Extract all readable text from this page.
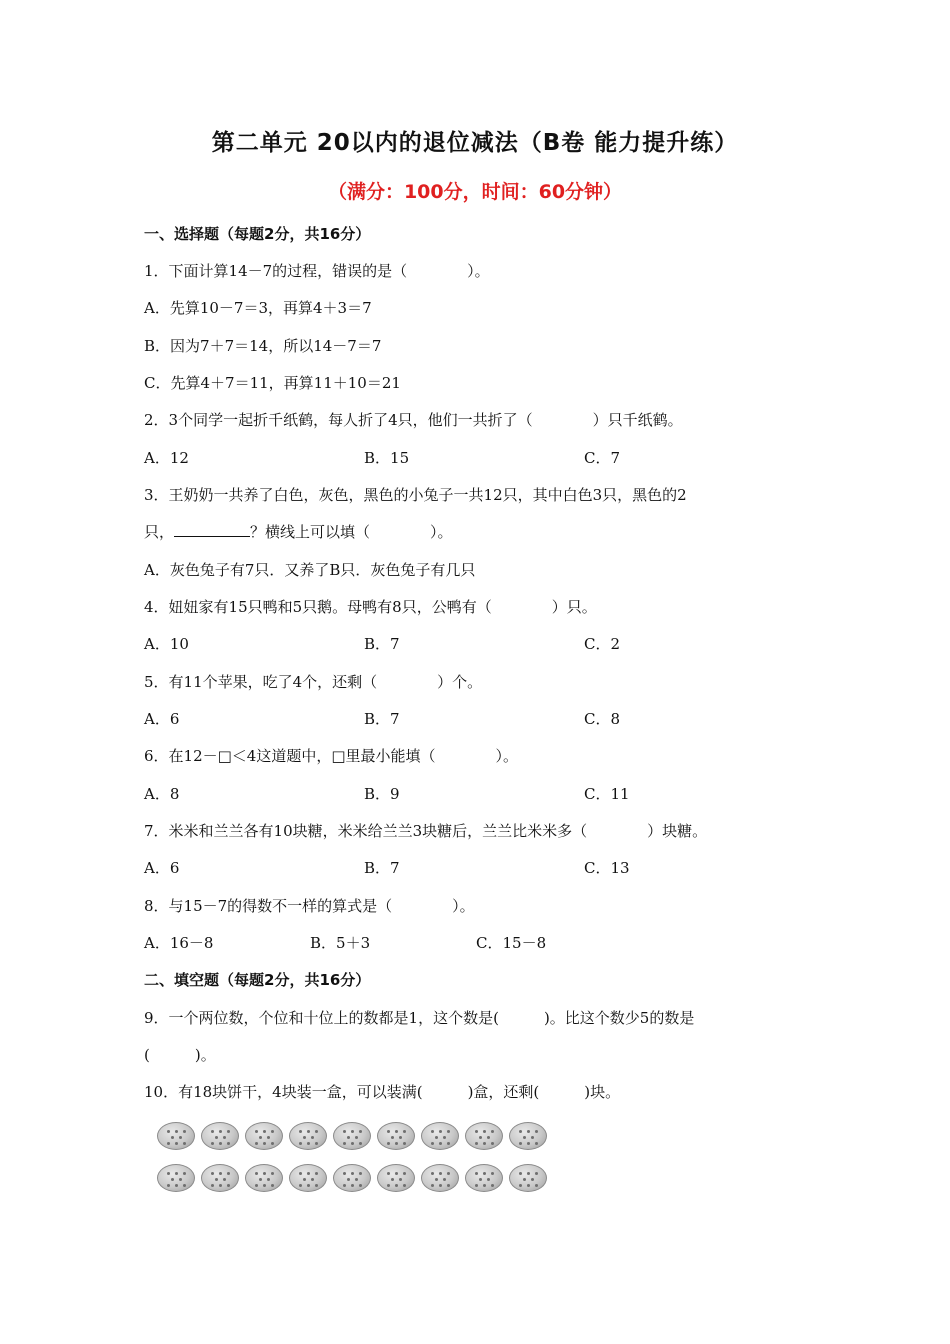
第二单元 20以内的退位减法（B卷 能力提升练）
（满分：100分，时间：60分钟）
一、选择题（每题2分，共16分）
1．下面计算14－7的过程，错误的是（　　　　）。
A．先算10－7＝3，再算4＋3＝7
B．因为7＋7＝14，所以14－7＝7
C．先算4＋7＝11，再算11＋10＝21
2．3个同学一起折千纸鹤，每人折了4只，他们一共折了（　　　　）只千纸鹤。
A．12	B．15	C．7
3．王奶奶一共养了白色，灰色，黑色的小兔子一共12只，其中白色3只，黑色的2
只，	？横线上可以填（　　　　）。
A．灰色兔子有7只．又养了B只．灰色兔子有几只
4．妞妞家有15只鸭和5只鹅。母鸭有8只，公鸭有（　　　　）只。
A．10	B．7	C．2
5．有11个苹果，吃了4个，还剩（　　　　）个。
A．6	B．7	C．8
6．在12－□＜4这道题中，□里最小能填（　　　　）。
A．8	B．9	C．11
7．米米和兰兰各有10块糖，米米给兰兰3块糖后，兰兰比米米多（　　　　）块糖。
A．6	B．7	C．13
8．与15－7的得数不一样的算式是（　　　　）。
A．16－8	B．5＋3	C．15－8
二、填空题（每题2分，共16分）
9．一个两位数，个位和十位上的数都是1，这个数是(　　　)。比这个数少5的数是
(　　　)。
10．有18块饼干，4块装一盒，可以装满(　　　)盒，还剩(　　　)块。
